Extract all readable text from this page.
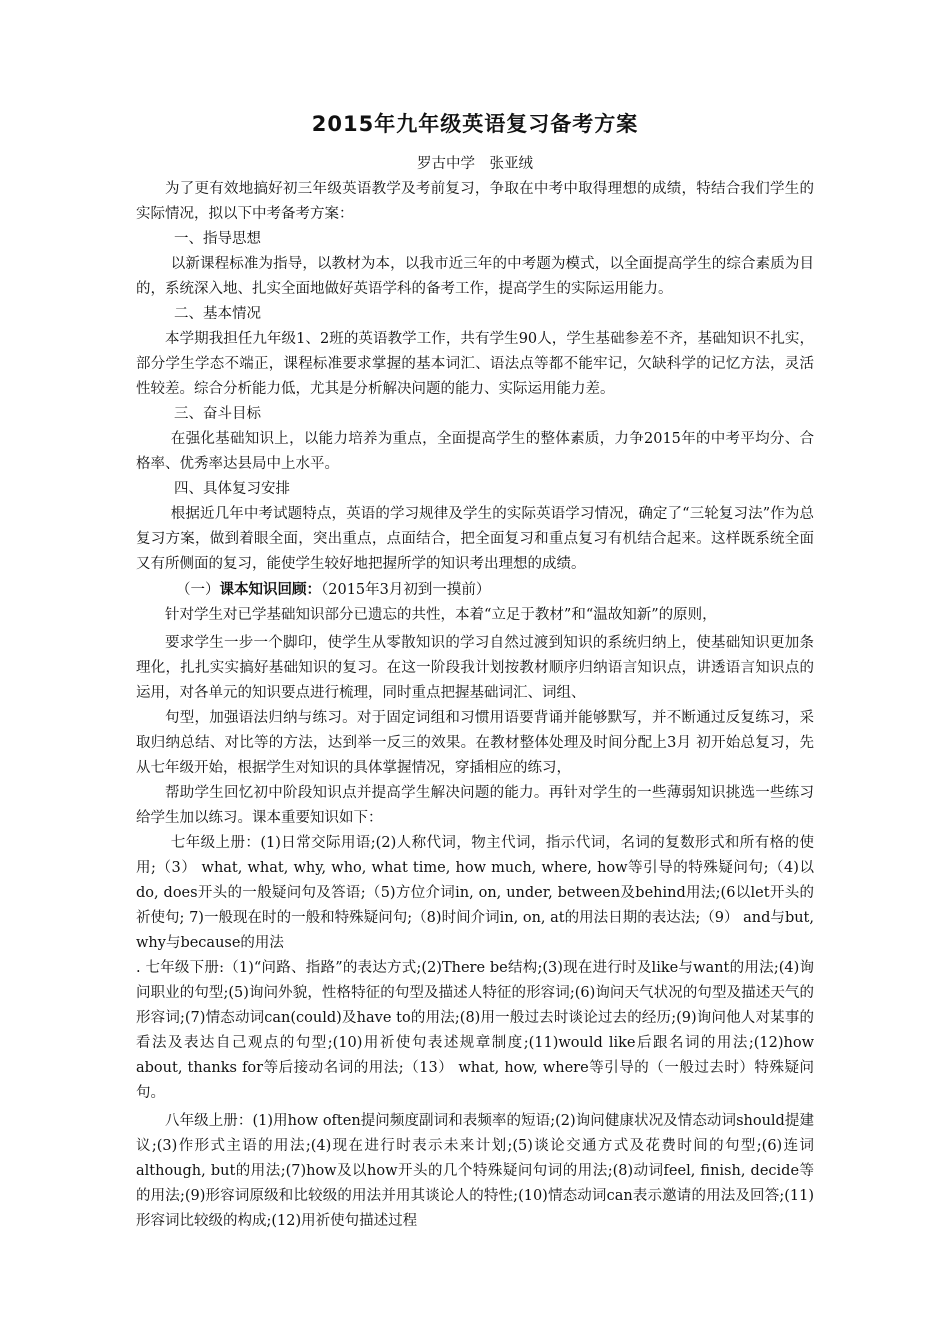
2015年九年级英语复习备考方案
罗古中学　张亚绒

为了更有效地搞好初三年级英语教学及考前复习，争取在中考中取得理想的成绩，特结合我们学生的实际情况，拟以下中考备考方案：

一、指导思想

以新课程标准为指导，以教材为本，以我市近三年的中考题为模式，以全面提高学生的综合素质为目的，系统深入地、扎实全面地做好英语学科的备考工作，提高学生的实际运用能力。

二、基本情况

本学期我担任九年级1、2班的英语教学工作，共有学生90人，学生基础参差不齐，基础知识不扎实，部分学生学态不端正，课程标准要求掌握的基本词汇、语法点等都不能牢记，欠缺科学的记忆方法，灵活性较差。综合分析能力低，尤其是分析解决问题的能力、实际运用能力差。

三、奋斗目标

在强化基础知识上，以能力培养为重点，全面提高学生的整体素质，力争2015年的中考平均分、合格率、优秀率达县局中上水平。

四、具体复习安排

根据近几年中考试题特点，英语的学习规律及学生的实际英语学习情况，确定了“三轮复习法”作为总复习方案，做到着眼全面，突出重点，点面结合，把全面复习和重点复习有机结合起来。这样既系统全面又有所侧面的复习，能使学生较好地把握所学的知识考出理想的成绩。

（一）课本知识回顾：（2015年3月初到一摸前）

针对学生对已学基础知识部分已遗忘的共性，本着“立足于教材”和“温故知新”的原则，

要求学生一步一个脚印，使学生从零散知识的学习自然过渡到知识的系统归纳上，使基础知识更加条理化，扎扎实实搞好基础知识的复习。在这一阶段我计划按教材顺序归纳语言知识点，讲透语言知识点的运用，对各单元的知识要点进行梳理，同时重点把握基础词汇、词组、

句型，加强语法归纳与练习。对于固定词组和习惯用语要背诵并能够默写，并不断通过反复练习，采取归纳总结、对比等的方法，达到举一反三的效果。在教材整体处理及时间分配上3月 初开始总复习，先从七年级开始，根据学生对知识的具体掌握情况，穿插相应的练习，

帮助学生回忆初中阶段知识点并提高学生解决问题的能力。再针对学生的一些薄弱知识挑选一些练习给学生加以练习。课本重要知识如下：

七年级上册：(1)日常交际用语;(2)人称代词，物主代词，指示代词，名词的复数形式和所有格的使用;（3） what, what, why, who, what time, how much, where, how等引导的特殊疑问句;（4)以do, does开头的一般疑问句及答语;（5)方位介词in, on, under, between及behind用法;(6以let开头的祈使句; 7)一般现在时的一般和特殊疑问句;（8)时间介词in, on, at的用法日期的表达法;（9） and与but, why与because的用法

. 七年级下册:（1)“问路、指路”的表达方式;(2)There be结构;(3)现在进行时及like与want的用法;(4)询问职业的句型;(5)询问外貌，性格特征的句型及描述人特征的形容词;(6)询问天气状况的句型及描述天气的形容词;(7)情态动词can(could)及have to的用法;(8)用一般过去时谈论过去的经历;(9)询问他人对某事的看法及表达自己观点的句型;(10)用祈使句表述规章制度;(11)would like后跟名词的用法;(12)how about, thanks for等后接动名词的用法;（13） what, how, where等引导的（一般过去时）特殊疑问句。

八年级上册：(1)用how often提问频度副词和表频率的短语;(2)询问健康状况及情态动词should提建议;(3)作形式主语的用法;(4)现在进行时表示未来计划;(5)谈论交通方式及花费时间的句型;(6)连词although, but的用法;(7)how及以how开头的几个特殊疑问句词的用法;(8)动词feel, finish, decide等的用法;(9)形容词原级和比较级的用法并用其谈论人的特性;(10)情态动词can表示邀请的用法及回答;(11)形容词比较级的构成;(12)用祈使句描述过程
